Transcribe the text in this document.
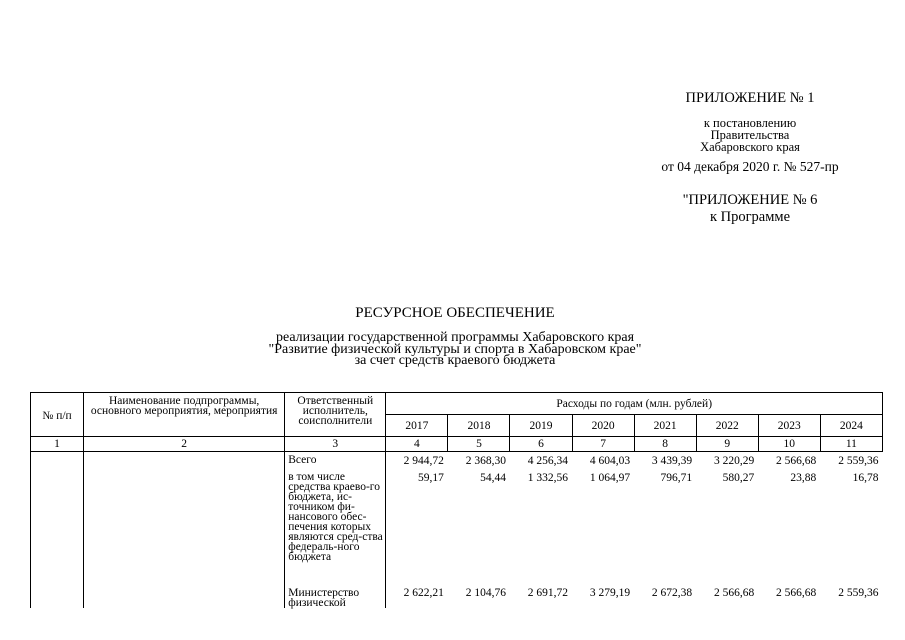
ПРИЛОЖЕНИЕ № 1
к постановлению
Правительства
Хабаровского края
от 04 декабря 2020 г. № 527-пр
"ПРИЛОЖЕНИЕ № 6
к Программе
РЕСУРСНОЕ ОБЕСПЕЧЕНИЕ
реализации государственной программы Хабаровского края
"Развитие физической культуры и спорта в Хабаровском крае"
за счет средств краевого бюджета
№ п/п	Наименование подпрограммы, основного мероприятия, мероприятия	Ответственный исполнитель, соисполнители	Расходы по годам (млн. рублей)							
			2017	2018	2019	2020	2021	2022	2023	2024
1	2	3	4	5	6	7	8	9	10	11
		Всего	2 944,72	2 368,30	4 256,34	4 604,03	3 439,39	3 220,29	2 566,68	2 559,36
		в том числе средства краево-го бюджета, ис-точником фи-нансового обес-печения которых являются сред-ства федераль-ного бюджета	59,17	54,44	1 332,56	1 064,97	796,71	580,27	23,88	16,78
		Министерство физической	2 622,21	2 104,76	2 691,72	3 279,19	2 672,38	2 566,68	2 566,68	2 559,36
